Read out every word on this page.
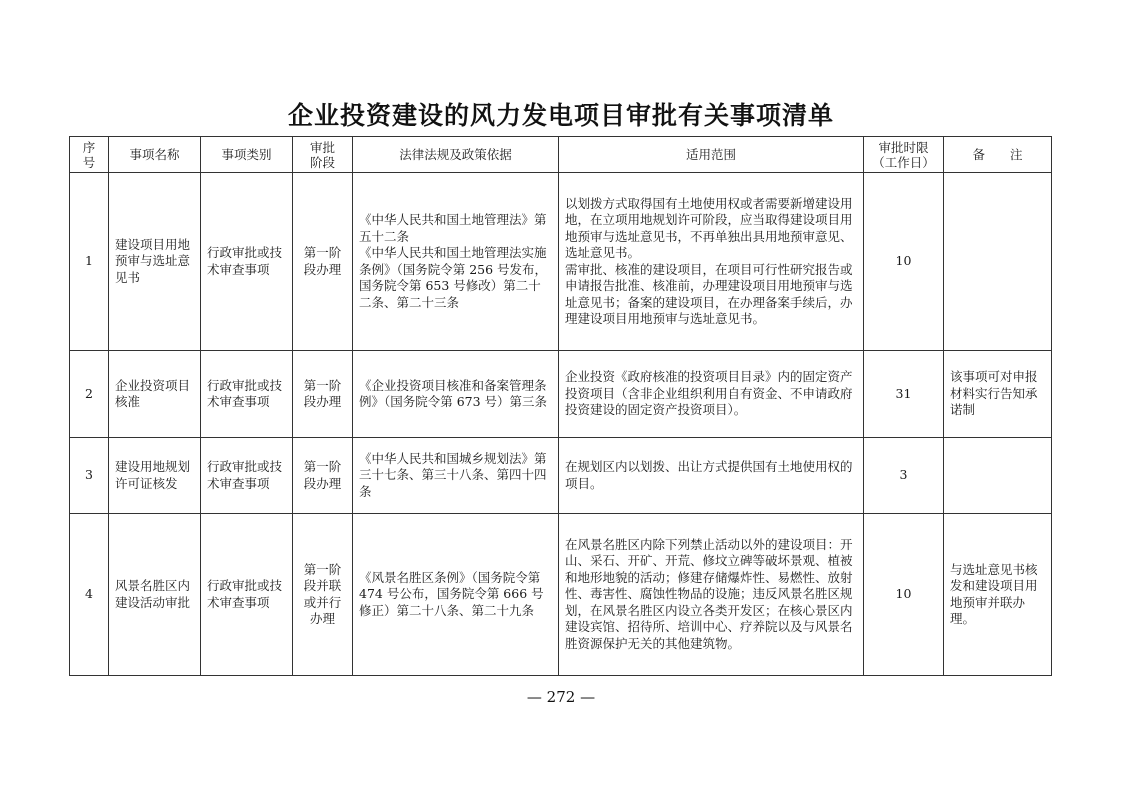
企业投资建设的风力发电项目审批有关事项清单
序
号	事项名称	事项类别	审批
阶段	法律法规及政策依据	适用范围	审批时限
（工作日）	备　　注
1	建设项目用地预审与选址意见书	行政审批或技术审查事项	第一阶段办理	《中华人民共和国土地管理法》第五十二条
《中华人民共和国土地管理法实施条例》（国务院令第 256 号发布，国务院令第 653 号修改）第二十二条、第二十三条	以划拨方式取得国有土地使用权或者需要新增建设用地，在立项用地规划许可阶段，应当取得建设项目用地预审与选址意见书，不再单独出具用地预审意见、选址意见书。
需审批、核准的建设项目，在项目可行性研究报告或申请报告批准、核准前，办理建设项目用地预审与选址意见书；备案的建设项目，在办理备案手续后，办理建设项目用地预审与选址意见书。	10	
2	企业投资项目核准	行政审批或技术审查事项	第一阶段办理	《企业投资项目核准和备案管理条例》（国务院令第 673 号）第三条	企业投资《政府核准的投资项目目录》内的固定资产投资项目（含非企业组织利用自有资金、不申请政府投资建设的固定资产投资项目）。	31	该事项可对申报材料实行告知承诺制
3	建设用地规划许可证核发	行政审批或技术审查事项	第一阶段办理	《中华人民共和国城乡规划法》第三十七条、第三十八条、第四十四条	在规划区内以划拨、出让方式提供国有土地使用权的项目。	3	
4	风景名胜区内建设活动审批	行政审批或技术审查事项	第一阶段并联或并行办理	《风景名胜区条例》（国务院令第 474 号公布，国务院令第 666 号修正）第二十八条、第二十九条	在风景名胜区内除下列禁止活动以外的建设项目：开山、采石、开矿、开荒、修坟立碑等破坏景观、植被和地形地貌的活动；修建存储爆炸性、易燃性、放射性、毒害性、腐蚀性物品的设施；违反风景名胜区规划，在风景名胜区内设立各类开发区；在核心景区内建设宾馆、招待所、培训中心、疗养院以及与风景名胜资源保护无关的其他建筑物。	10	与选址意见书核发和建设项目用地预审并联办理。
— 272 —
